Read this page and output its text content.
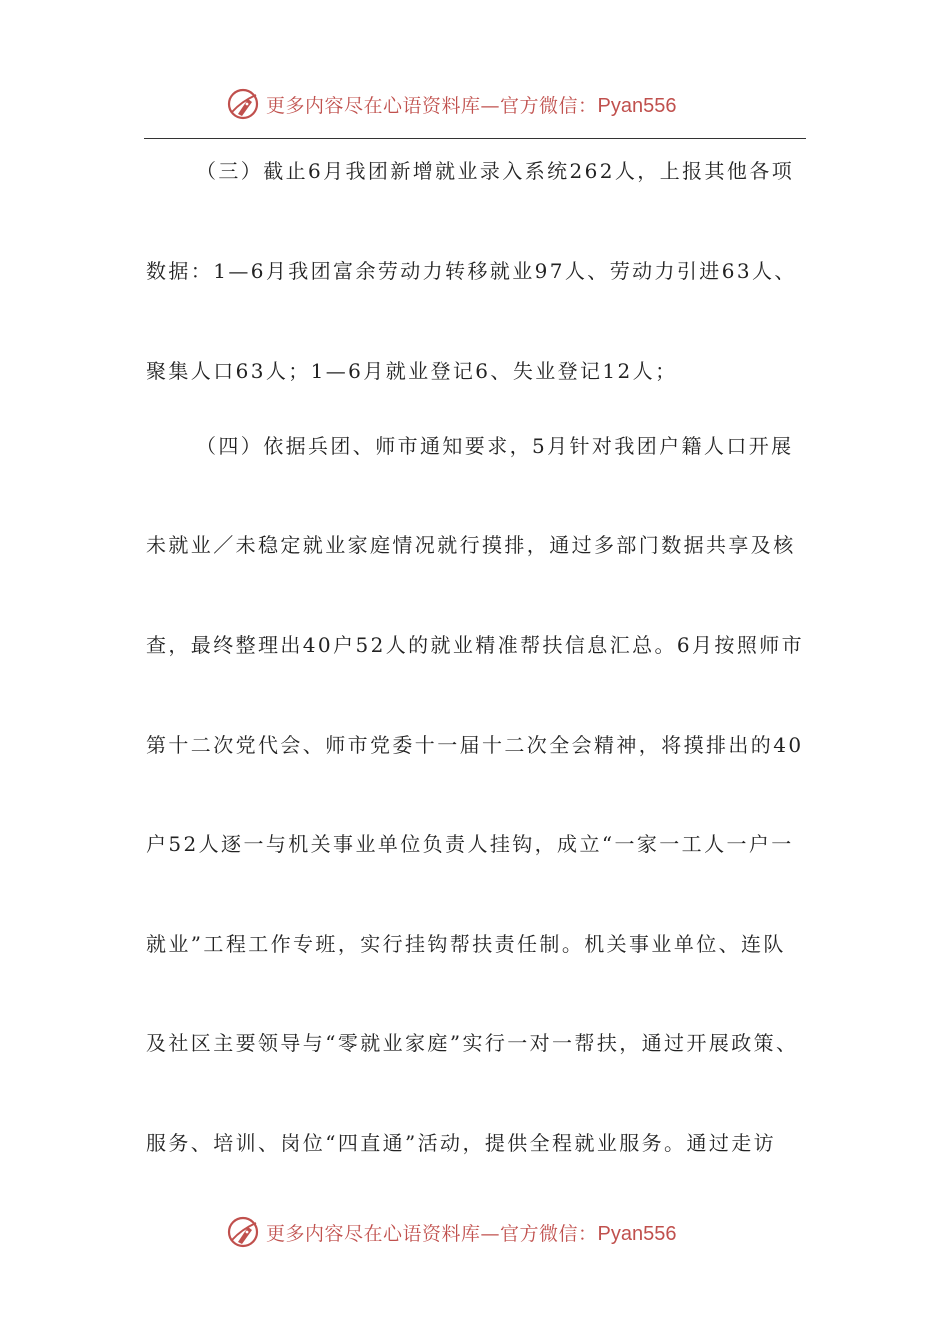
更多内容尽在心语资料库—官方微信：Pyan556
（三）截止6月我团新增就业录入系统262人，上报其他各项
数据：1—6月我团富余劳动力转移就业97人、劳动力引进63人、
聚集人口63人；1—6月就业登记6、失业登记12人；
（四）依据兵团、师市通知要求，5月针对我团户籍人口开展
未就业／未稳定就业家庭情况就行摸排，通过多部门数据共享及核
查，最终整理出40户52人的就业精准帮扶信息汇总。6月按照师市
第十二次党代会、师市党委十一届十二次全会精神，将摸排出的40
户52人逐一与机关事业单位负责人挂钩，成立“一家一工人一户一
就业”工程工作专班，实行挂钩帮扶责任制。机关事业单位、连队
及社区主要领导与“零就业家庭”实行一对一帮扶，通过开展政策、
服务、培训、岗位“四直通”活动，提供全程就业服务。通过走访
更多内容尽在心语资料库—官方微信：Pyan556
